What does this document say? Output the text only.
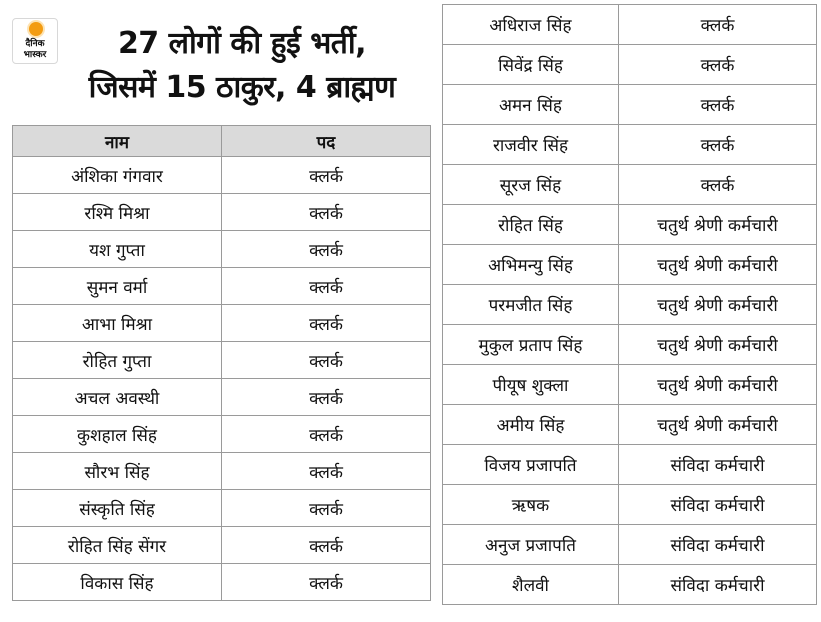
दैनिक
भास्कर	27 लोगों की हुई भर्ती,
जिसमें 15 ठाकुर, 4 ब्राह्मण
नाम	पद
अंशिका गंगवार	क्लर्क
रश्मि मिश्रा	क्लर्क
यश गुप्ता	क्लर्क
सुमन वर्मा	क्लर्क
आभा मिश्रा	क्लर्क
रोहित गुप्ता	क्लर्क
अचल अवस्थी	क्लर्क
कुशहाल सिंह	क्लर्क
सौरभ सिंह	क्लर्क
संस्कृति सिंह	क्लर्क
रोहित सिंह सेंगर	क्लर्क
विकास सिंह	क्लर्क
अधिराज सिंह	क्लर्क
सिवेंद्र सिंह	क्लर्क
अमन सिंह	क्लर्क
राजवीर सिंह	क्लर्क
सूरज सिंह	क्लर्क
रोहित सिंह	चतुर्थ श्रेणी कर्मचारी
अभिमन्यु सिंह	चतुर्थ श्रेणी कर्मचारी
परमजीत सिंह	चतुर्थ श्रेणी कर्मचारी
मुकुल प्रताप सिंह	चतुर्थ श्रेणी कर्मचारी
पीयूष शुक्ला	चतुर्थ श्रेणी कर्मचारी
अमीय सिंह	चतुर्थ श्रेणी कर्मचारी
विजय प्रजापति	संविदा कर्मचारी
ऋषक	संविदा कर्मचारी
अनुज प्रजापति	संविदा कर्मचारी
शैलवी	संविदा कर्मचारी
